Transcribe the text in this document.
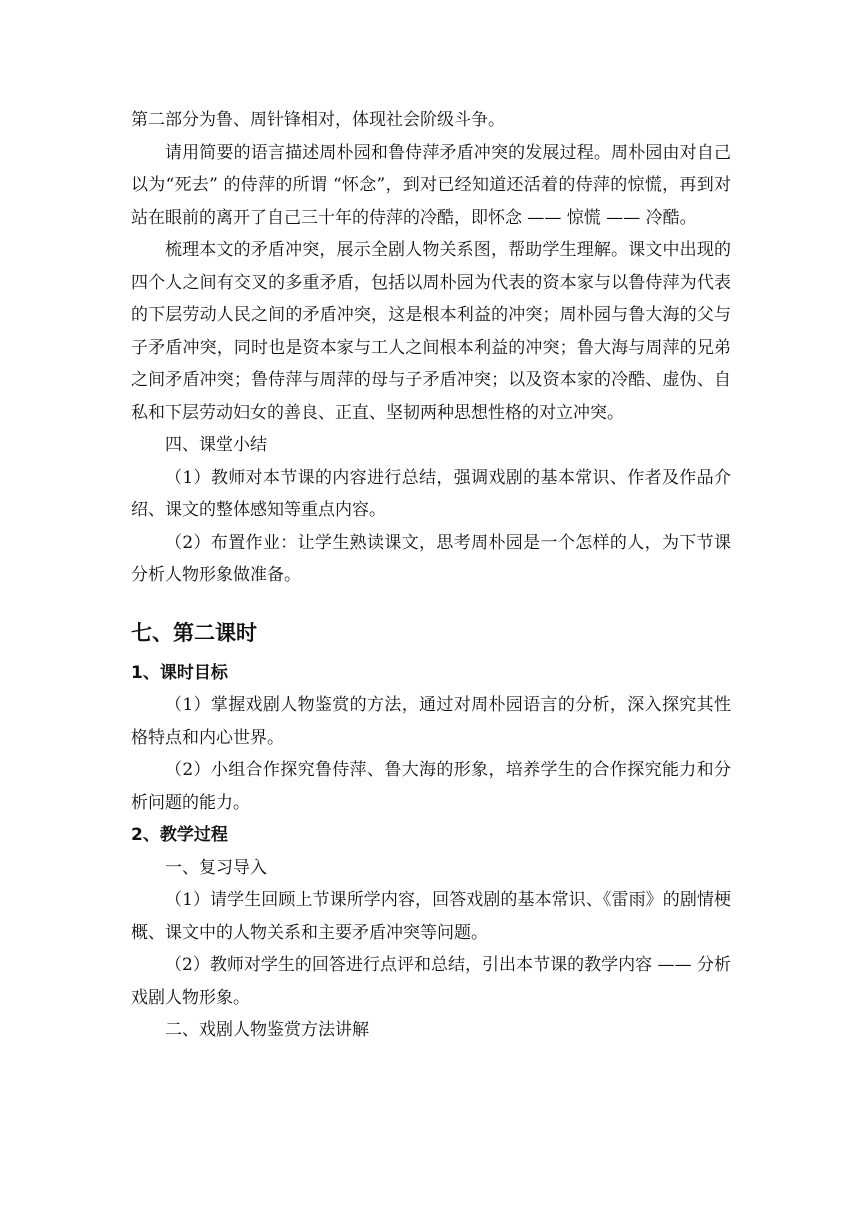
第二部分为鲁、周针锋相对，体现社会阶级斗争。

请用简要的语言描述周朴园和鲁侍萍矛盾冲突的发展过程。周朴园由对自己以为“死去” 的侍萍的所谓 “怀念”，到对已经知道还活着的侍萍的惊慌，再到对站在眼前的离开了自己三十年的侍萍的冷酷，即怀念 —— 惊慌 —— 冷酷。

梳理本文的矛盾冲突，展示全剧人物关系图，帮助学生理解。课文中出现的四个人之间有交叉的多重矛盾，包括以周朴园为代表的资本家与以鲁侍萍为代表的下层劳动人民之间的矛盾冲突，这是根本利益的冲突；周朴园与鲁大海的父与子矛盾冲突，同时也是资本家与工人之间根本利益的冲突；鲁大海与周萍的兄弟之间矛盾冲突；鲁侍萍与周萍的母与子矛盾冲突；以及资本家的冷酷、虚伪、自私和下层劳动妇女的善良、正直、坚韧两种思想性格的对立冲突。

四、课堂小结

（1）教师对本节课的内容进行总结，强调戏剧的基本常识、作者及作品介绍、课文的整体感知等重点内容。

（2）布置作业：让学生熟读课文，思考周朴园是一个怎样的人，为下节课分析人物形象做准备。

七、第二课时
1、课时目标

（1）掌握戏剧人物鉴赏的方法，通过对周朴园语言的分析，深入探究其性格特点和内心世界。

（2）小组合作探究鲁侍萍、鲁大海的形象，培养学生的合作探究能力和分析问题的能力。

2、教学过程

一、复习导入

（1）请学生回顾上节课所学内容，回答戏剧的基本常识、《雷雨》的剧情梗概、课文中的人物关系和主要矛盾冲突等问题。

（2）教师对学生的回答进行点评和总结，引出本节课的教学内容 —— 分析戏剧人物形象。

二、戏剧人物鉴赏方法讲解
